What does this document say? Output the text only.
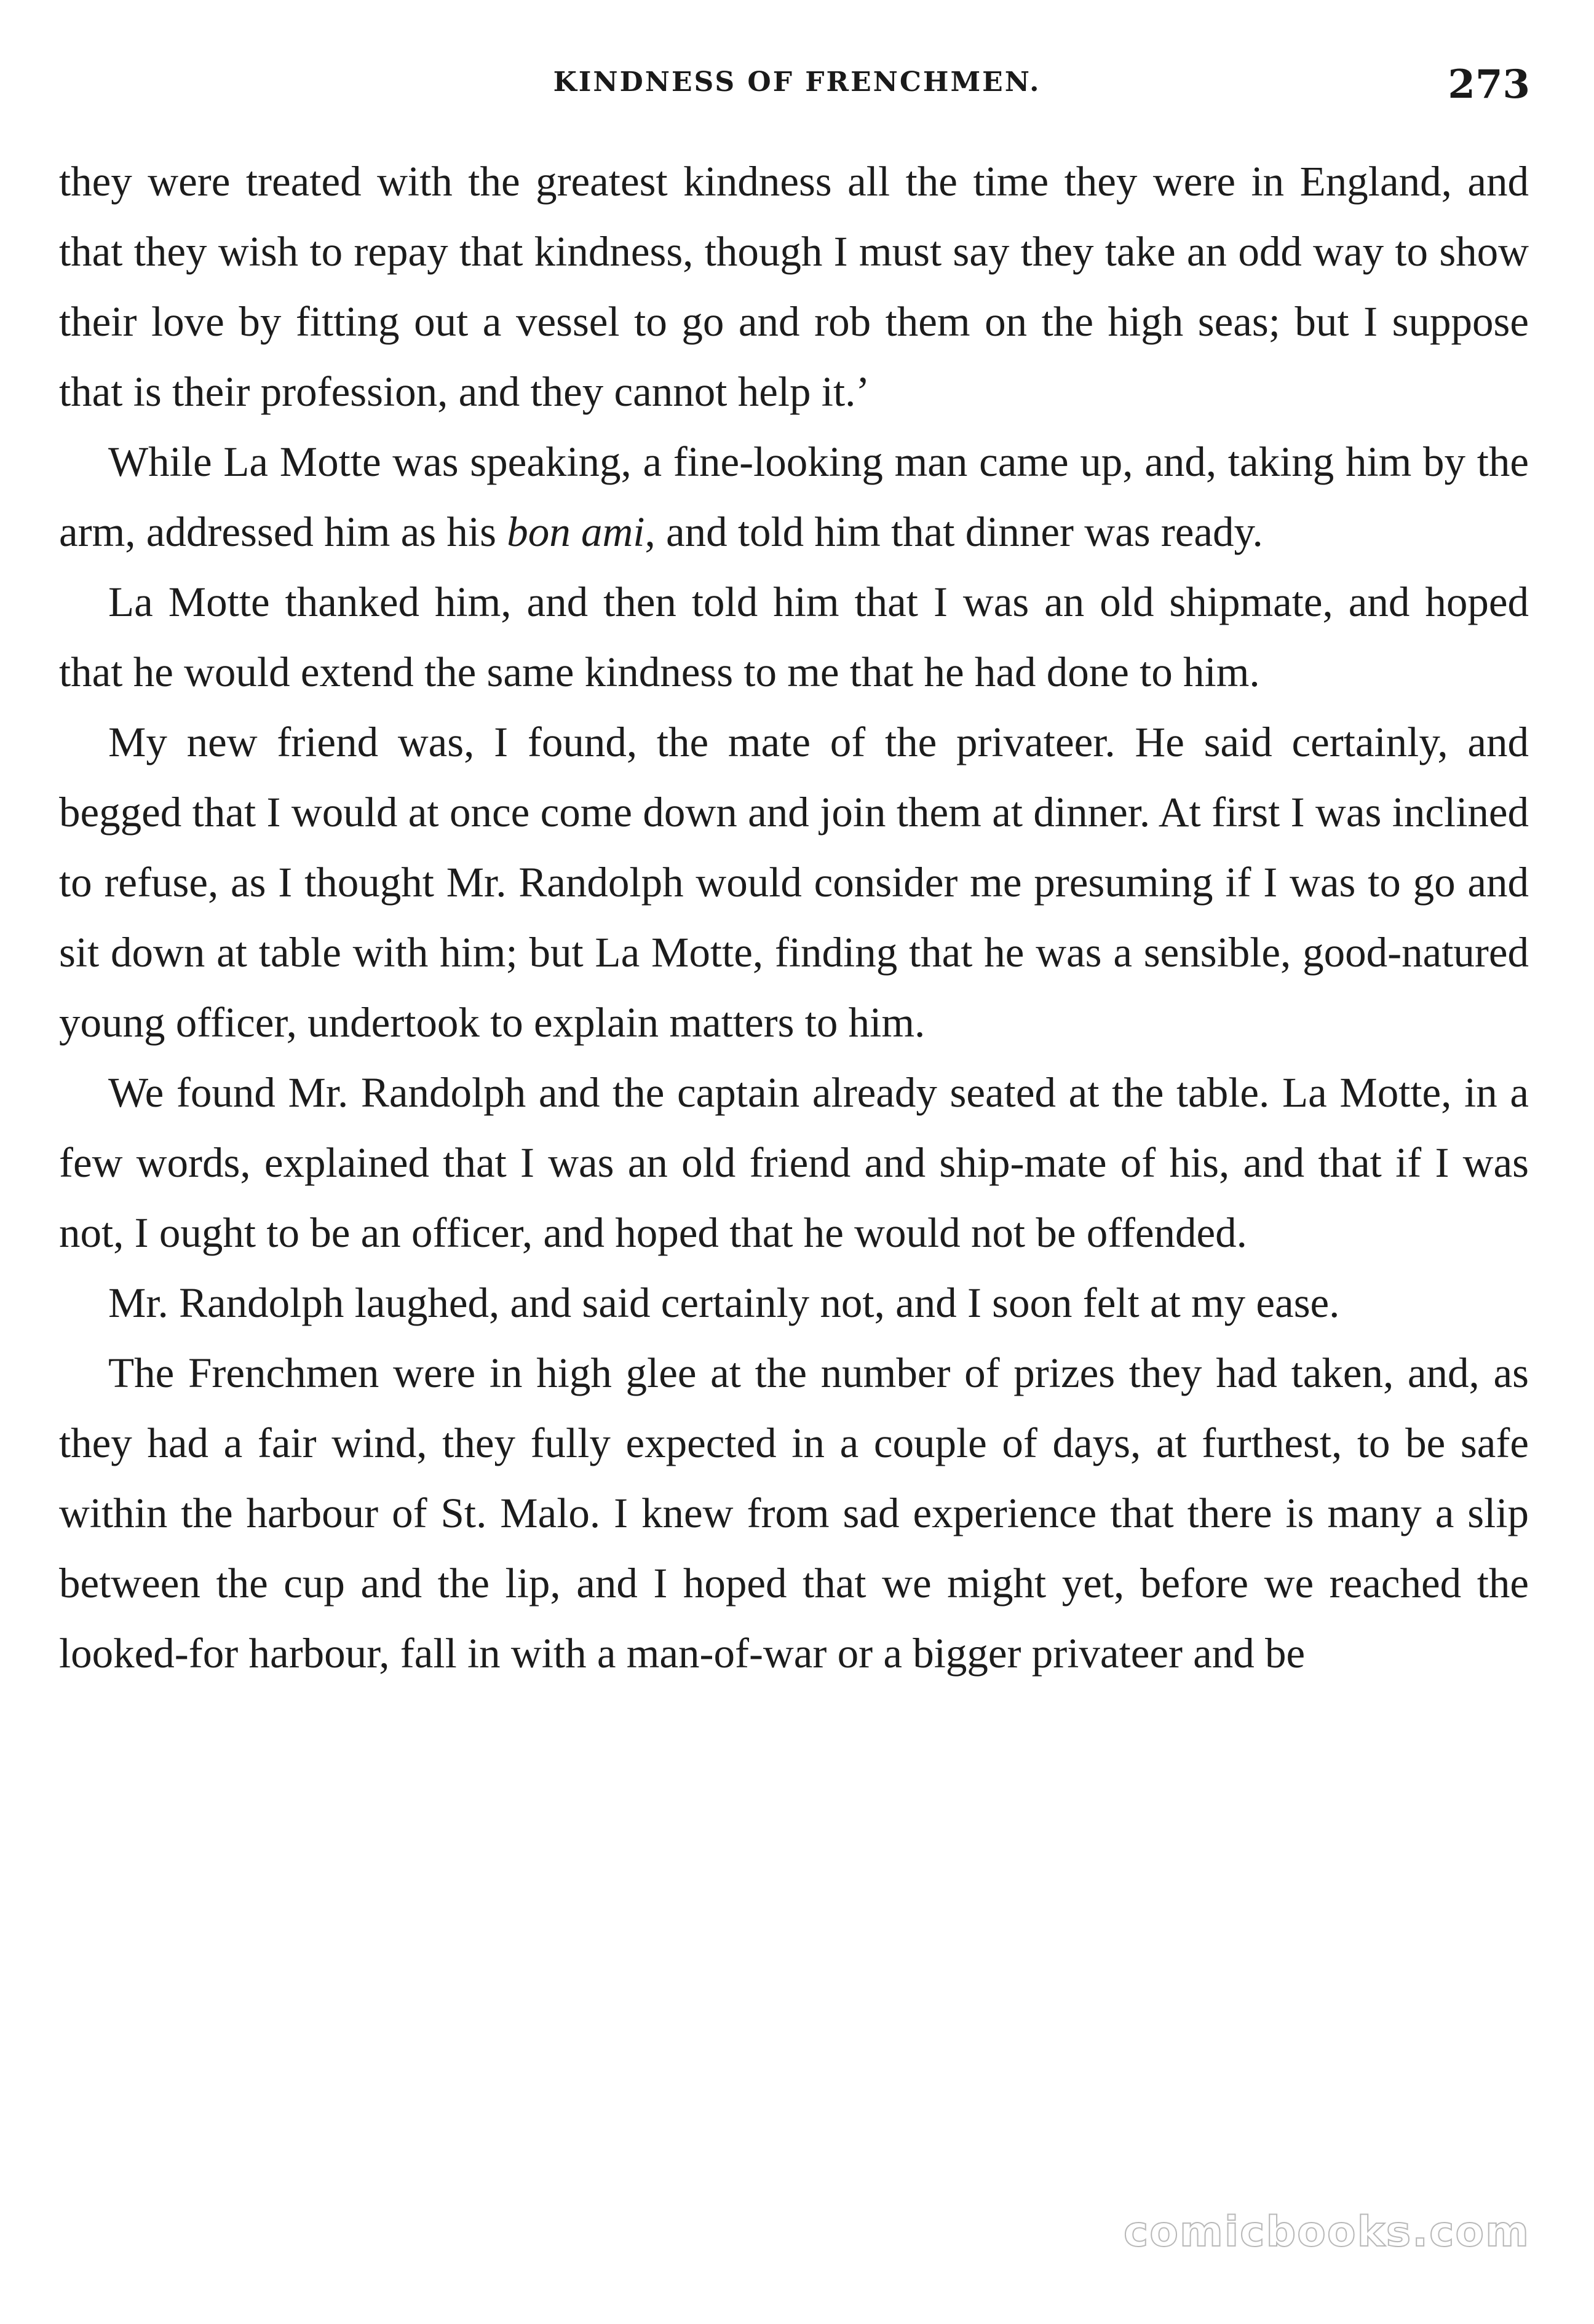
KINDNESS OF FRENCHMEN.	273

they were treated with the greatest kindness all the time they were in England, and that they wish to repay that kindness, though I must say they take an odd way to show their love by fitting out a vessel to go and rob them on the high seas; but I suppose that is their profession, and they cannot help it.’

While La Motte was speaking, a fine-looking man came up, and, taking him by the arm, addressed him as his bon ami, and told him that dinner was ready.

La Motte thanked him, and then told him that I was an old shipmate, and hoped that he would extend the same kindness to me that he had done to him.

My new friend was, I found, the mate of the privateer. He said certainly, and begged that I would at once come down and join them at dinner. At first I was inclined to refuse, as I thought Mr. Randolph would consider me presuming if I was to go and sit down at table with him; but La Motte, finding that he was a sensible, good-natured young officer, undertook to explain matters to him.

We found Mr. Randolph and the captain already seated at the table. La Motte, in a few words, explained that I was an old friend and ship-mate of his, and that if I was not, I ought to be an officer, and hoped that he would not be offended.

Mr. Randolph laughed, and said certainly not, and I soon felt at my ease.

The Frenchmen were in high glee at the number of prizes they had taken, and, as they had a fair wind, they fully expected in a couple of days, at furthest, to be safe within the harbour of St. Malo. I knew from sad experience that there is many a slip between the cup and the lip, and I hoped that we might yet, before we reached the looked-for harbour, fall in with a man-of-war or a bigger privateer and be

comicbooks.com
